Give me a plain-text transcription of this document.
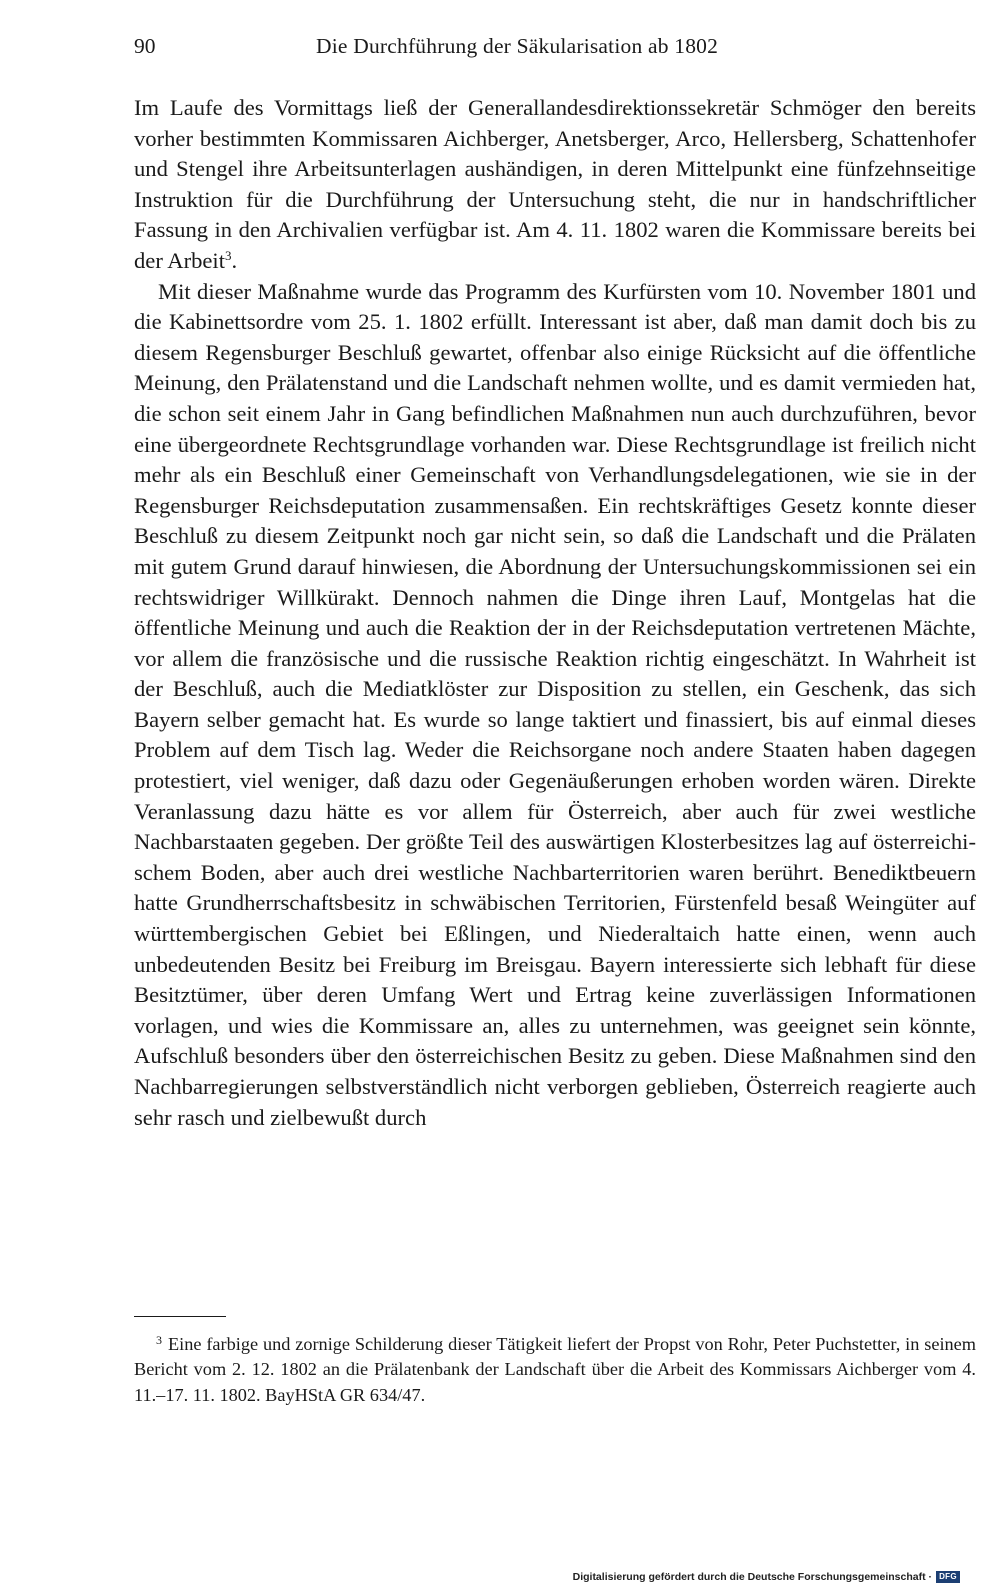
90	Die Durchführung der Säkularisation ab 1802

Im Laufe des Vormittags ließ der Generallandesdirektionssekretär Schmöger den bereits vorher bestimmten Kommissaren Aichberger, Anetsberger, Arco, Hellersberg, Schattenhofer und Stengel ihre Arbeitsunterlagen aushändigen, in deren Mittelpunkt eine fünfzehnseitige Instruktion für die Durchführung der Untersuchung steht, die nur in handschriftlicher Fassung in den Archivalien verfügbar ist. Am 4. 11. 1802 waren die Kommissare bereits bei der Arbeit$^3$.

Mit dieser Maßnahme wurde das Programm des Kurfürsten vom 10. November 1801 und die Kabinettsordre vom 25. 1. 1802 erfüllt. Interessant ist aber, daß man damit doch bis zu diesem Regensburger Beschluß gewartet, offenbar also einige Rücksicht auf die öffentliche Meinung, den Prälatenstand und die Landschaft nehmen wollte, und es damit vermieden hat, die schon seit einem Jahr in Gang befindlichen Maßnahmen nun auch durchzuführen, bevor eine übergeordnete Rechtsgrundlage vorhanden war. Diese Rechtsgrundlage ist freilich nicht mehr als ein Beschluß einer Gemeinschaft von Verhandlungsdelegationen, wie sie in der Regensburger Reichsdeputation zusammensaßen. Ein rechtskräftiges Gesetz konnte dieser Beschluß zu diesem Zeitpunkt noch gar nicht sein, so daß die Landschaft und die Prälaten mit gutem Grund darauf hinwiesen, die Abordnung der Untersuchungskommissionen sei ein rechtswidriger Willkürakt. Dennoch nahmen die Dinge ihren Lauf, Montgelas hat die öffentliche Meinung und auch die Reaktion der in der Reichsdeputation vertretenen Mächte, vor allem die französische und die russische Reaktion richtig eingeschätzt. In Wahrheit ist der Beschluß, auch die Mediatklöster zur Disposition zu stellen, ein Geschenk, das sich Bayern selber gemacht hat. Es wurde so lange taktiert und finassiert, bis auf einmal dieses Problem auf dem Tisch lag. Weder die Reichsorgane noch andere Staaten haben dagegen protestiert, viel weniger, daß dazu oder Gegenäußerungen erhoben worden wären. Direkte Veranlassung dazu hätte es vor allem für Österreich, aber auch für zwei westliche Nachbarstaaten gegeben. Der größte Teil des auswärtigen Klosterbesitzes lag auf österreichischem Boden, aber auch drei westliche Nachbarterritorien waren berührt. Benediktbeuern hatte Grundherrschaftsbesitz in schwäbischen Territorien, Fürstenfeld besaß Weingüter auf württembergischen Gebiet bei Eßlingen, und Niederaltaich hatte einen, wenn auch unbedeutenden Besitz bei Freiburg im Breisgau. Bayern interessierte sich lebhaft für diese Besitztümer, über deren Umfang Wert und Ertrag keine zuverlässigen Informationen vorlagen, und wies die Kommissare an, alles zu unternehmen, was geeignet sein könnte, Aufschluß besonders über den österreichischen Besitz zu geben. Diese Maßnahmen sind den Nachbarregierungen selbstverständlich nicht verborgen geblieben, Österreich reagierte auch sehr rasch und zielbewußt durch

$^3$ Eine farbige und zornige Schilderung dieser Tätigkeit liefert der Propst von Rohr, Peter Puchstetter, in seinem Bericht vom 2. 12. 1802 an die Prälatenbank der Landschaft über die Arbeit des Kommissars Aichberger vom 4. 11.–17. 11. 1802. BayHStA GR 634/47.

Digitalisierung gefördert durch die Deutsche Forschungsgemeinschaft · DFG
